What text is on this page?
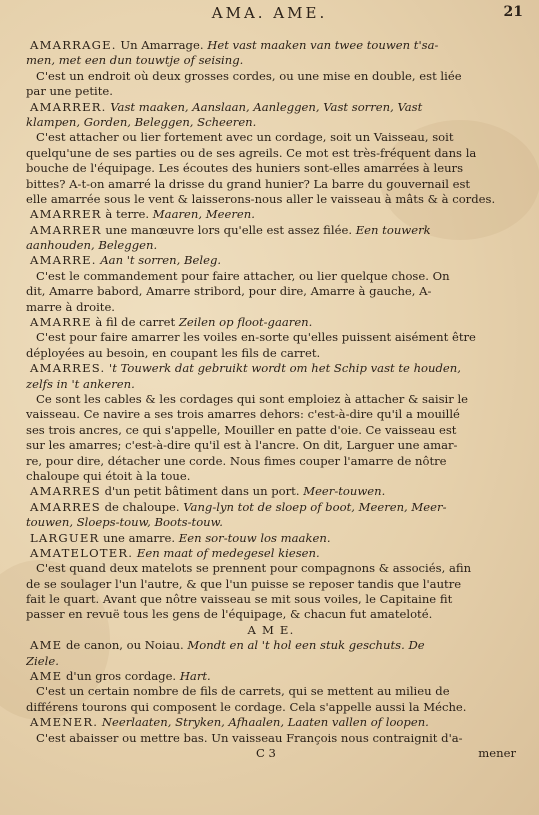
AMA. AME.	21
AMARRAGE. Un Amarrage. Het vast maaken van twee touwen t'sa-
men, met een dun touwtje of seising.
C'est un endroit où deux grosses cordes, ou une mise en double, est liée
par une petite.
AMARRER. Vast maaken, Aanslaan, Aanleggen, Vast sorren, Vast
klampen, Gorden, Beleggen, Scheeren.
C'est attacher ou lier fortement avec un cordage, soit un Vaisseau, soit
quelqu'une de ses parties ou de ses agreils. Ce mot est très-fréquent dans la
bouche de l'équipage. Les écoutes des huniers sont-elles amarrées à leurs
bittes? A-t-on amarré la drisse du grand hunier? La barre du gouvernail est
elle amarrée sous le vent & laisserons-nous aller le vaisseau à mâts & à cordes.
AMARRER à terre. Maaren, Meeren.
AMARRER une manœuvre lors qu'elle est assez filée. Een touwerk
aanhouden, Beleggen.
AMARRE. Aan 't sorren, Beleg.
C'est le commandement pour faire attacher, ou lier quelque chose. On
dit, Amarre babord, Amarre stribord, pour dire, Amarre à gauche, A-
marre à droite.
AMARRE à fil de carret Zeilen op floot-gaaren.
C'est pour faire amarrer les voiles en-sorte qu'elles puissent aisément être
déployées au besoin, en coupant les fils de carret.
AMARRES. 't Touwerk dat gebruikt wordt om het Schip vast te houden,
zelfs in 't ankeren.
Ce sont les cables & les cordages qui sont emploiez à attacher & saisir le
vaisseau. Ce navire a ses trois amarres dehors: c'est-à-dire qu'il a mouillé
ses trois ancres, ce qui s'appelle, Mouiller en patte d'oie. Ce vaisseau est
sur les amarres; c'est-à-dire qu'il est à l'ancre. On dit, Larguer une amar-
re, pour dire, détacher une corde. Nous fimes couper l'amarre de nôtre
chaloupe qui étoit à la toue.
AMARRES d'un petit bâtiment dans un port. Meer-touwen.
AMARRES de chaloupe. Vang-lyn tot de sloep of boot, Meeren, Meer-
touwen, Sloeps-touw, Boots-touw.
LARGUER une amarre. Een sor-touw los maaken.
AMATELOTER. Een maat of medegesel kiesen.
C'est quand deux matelots se prennent pour compagnons & associés, afin
de se soulager l'un l'autre, & que l'un puisse se reposer tandis que l'autre
fait le quart. Avant que nôtre vaisseau se mit sous voiles, le Capitaine fit
passer en revuë tous les gens de l'équipage, & chacun fut amateloté.
A M E.
AME de canon, ou Noiau. Mondt en al 't hol een stuk geschuts. De
Ziele.
AME d'un gros cordage. Hart.
C'est un certain nombre de fils de carrets, qui se mettent au milieu de
différens tourons qui composent le cordage. Cela s'appelle aussi la Méche.
AMENER. Neerlaaten, Stryken, Afhaalen, Laaten vallen of loopen.
C'est abaisser ou mettre bas. Un vaisseau François nous contraignit d'a-
C 3	mener
